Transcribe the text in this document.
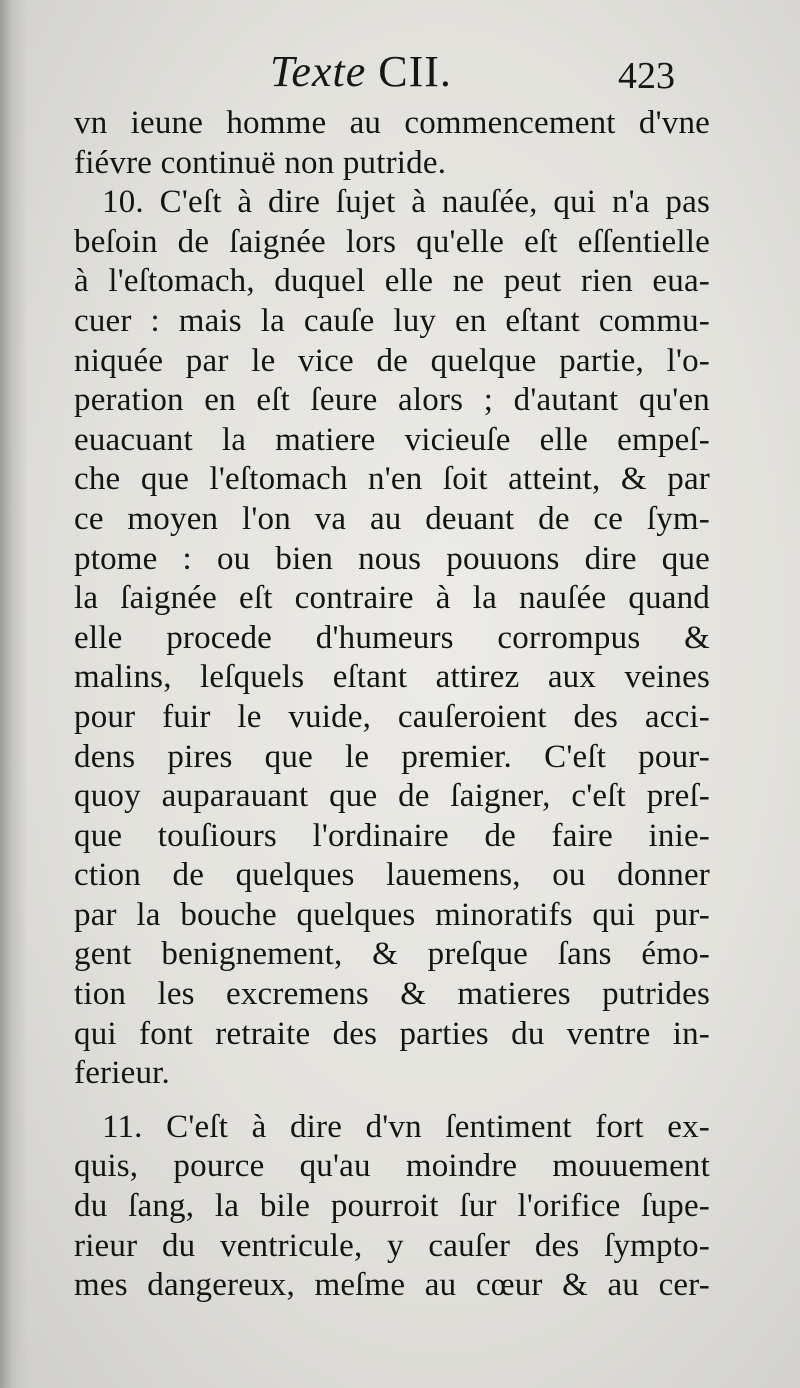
Texte CII.	423
vn ieune homme au commencement d'vne
fiévre continuë non putride.
10. C'eſt à dire ſujet à nauſée, qui n'a pas
beſoin de ſaignée lors qu'elle eſt eſſentielle
à l'eſtomach, duquel elle ne peut rien eua-
cuer : mais la cauſe luy en eſtant commu-
niquée par le vice de quelque partie, l'o-
peration en eſt ſeure alors ; d'autant qu'en
euacuant la matiere vicieuſe elle empeſ-
che que l'eſtomach n'en ſoit atteint, & par
ce moyen l'on va au deuant de ce ſym-
ptome : ou bien nous pouuons dire que
la ſaignée eſt contraire à la nauſée quand
elle procede d'humeurs corrompus &
malins, leſquels eſtant attirez aux veines
pour fuir le vuide, cauſeroient des acci-
dens pires que le premier. C'eſt pour-
quoy auparauant que de ſaigner, c'eſt preſ-
que touſiours l'ordinaire de faire inie-
ction de quelques lauemens, ou donner
par la bouche quelques minoratifs qui pur-
gent benignement, & preſque ſans émo-
tion les excremens & matieres putrides
qui font retraite des parties du ventre in-
ferieur.
11. C'eſt à dire d'vn ſentiment fort ex-
quis, pource qu'au moindre mouuement
du ſang, la bile pourroit ſur l'orifice ſupe-
rieur du ventricule, y cauſer des ſympto-
mes dangereux, meſme au cœur & au cer-
